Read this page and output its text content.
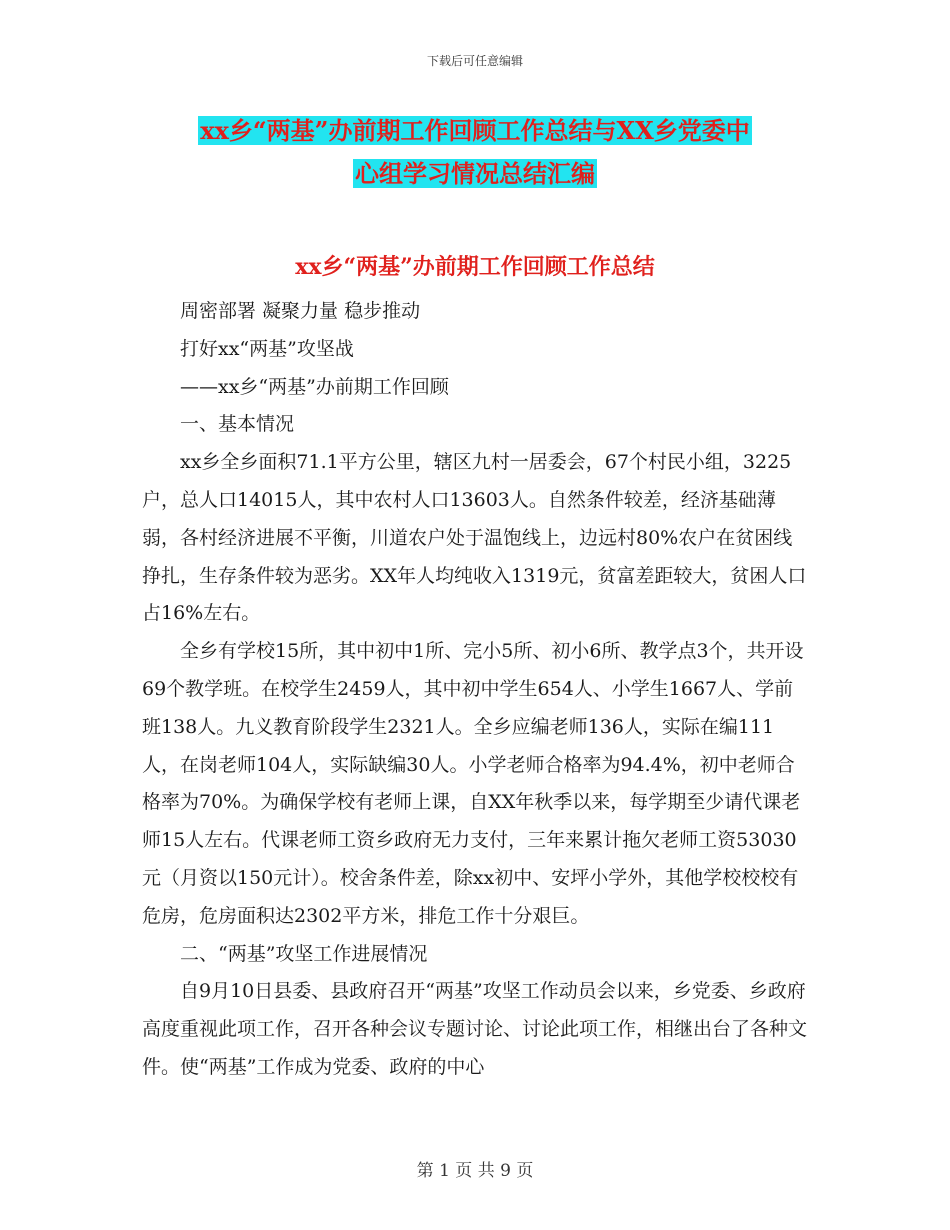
下载后可任意编辑
xx乡“两基”办前期工作回顾工作总结与XX乡党委中
心组学习情况总结汇编
xx乡“两基”办前期工作回顾工作总结

周密部署 凝聚力量 稳步推动

打好xx“两基”攻坚战

——xx乡“两基”办前期工作回顾

一、基本情况

xx乡全乡面积71.1平方公里，辖区九村一居委会，67个村民小组，3225户，总人口14015人，其中农村人口13603人。自然条件较差，经济基础薄弱，各村经济进展不平衡，川道农户处于温饱线上，边远村80%农户在贫困线挣扎，生存条件较为恶劣。XX年人均纯收入1319元，贫富差距较大，贫困人口占16%左右。

全乡有学校15所，其中初中1所、完小5所、初小6所、教学点3个，共开设69个教学班。在校学生2459人，其中初中学生654人、小学生1667人、学前班138人。九义教育阶段学生2321人。全乡应编老师136人，实际在编111人，在岗老师104人，实际缺编30人。小学老师合格率为94.4%，初中老师合格率为70%。为确保学校有老师上课，自XX年秋季以来，每学期至少请代课老师15人左右。代课老师工资乡政府无力支付，三年来累计拖欠老师工资53030元（月资以150元计）。校舍条件差，除xx初中、安坪小学外，其他学校校校有危房，危房面积达2302平方米，排危工作十分艰巨。

二、“两基”攻坚工作进展情况

自9月10日县委、县政府召开“两基”攻坚工作动员会以来，乡党委、乡政府高度重视此项工作，召开各种会议专题讨论、讨论此项工作，相继出台了各种文件。使“两基”工作成为党委、政府的中心

第 1 页 共 9 页
